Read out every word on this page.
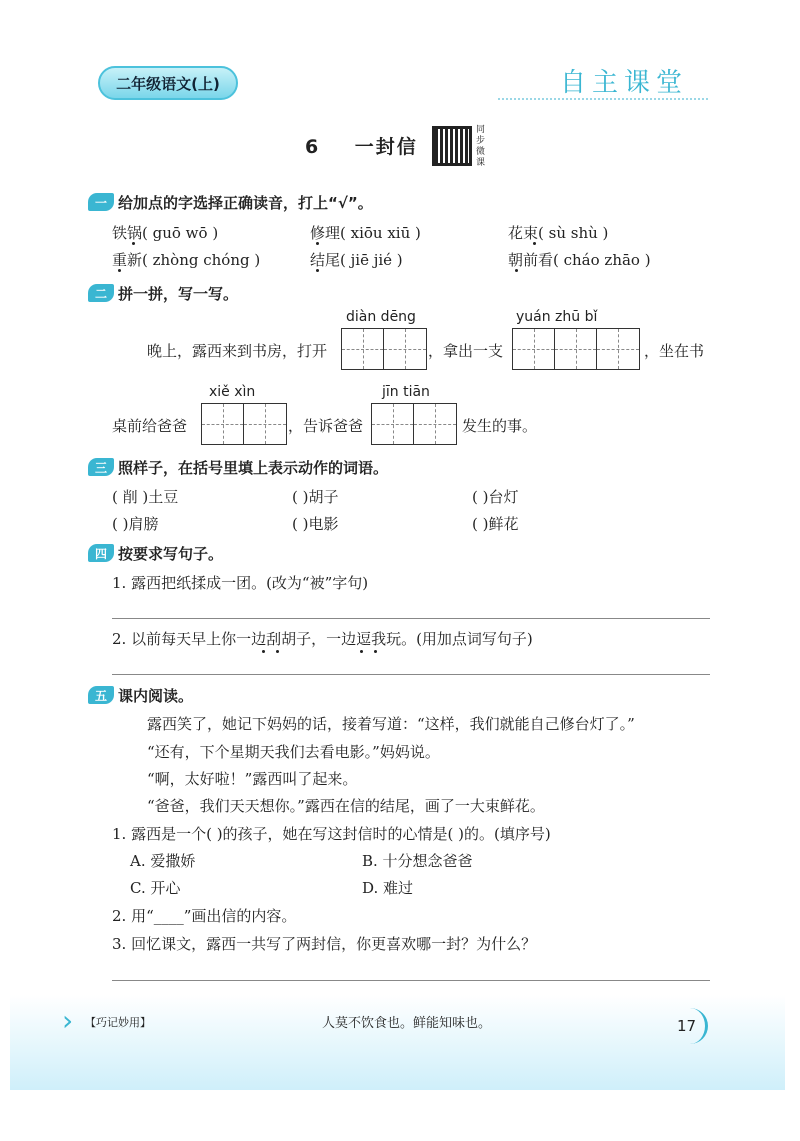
二年级语文(上)	自主课堂
6 一封信
同步微课
一 给加点的字选择正确读音，打上“√”。
铁锅( guō wō )	修理( xiōu xiū )	花束( sù shù )
重新( zhòng chóng )	结尾( jiē jié )	朝前看( cháo zhāo )
二 拼一拼，写一写。
diàn dēng	yuán zhū bǐ
晚上，露西来到书房，打开	，拿出一支	，坐在书
xiě xìn	jīn tiān
桌前给爸爸	，告诉爸爸	发生的事。
三 照样子，在括号里填上表示动作的词语。
( 削 )土豆	( )胡子	( )台灯
( )肩膀	( )电影	( )鲜花
四 按要求写句子。
1. 露西把纸揉成一团。(改为“被”字句)
2. 以前每天早上你一边刮胡子，一边逗我玩。(用加点词写句子)
五 课内阅读。
露西笑了，她记下妈妈的话，接着写道：“这样，我们就能自己修台灯了。”
“还有，下个星期天我们去看电影。”妈妈说。
“啊，太好啦！”露西叫了起来。
“爸爸，我们天天想你。”露西在信的结尾，画了一大束鲜花。
1. 露西是一个( )的孩子，她在写这封信时的心情是( )的。(填序号)
A. 爱撒娇	B. 十分想念爸爸
C. 开心	D. 难过
2. 用“____”画出信的内容。
3. 回忆课文，露西一共写了两封信，你更喜欢哪一封？为什么？
› 【巧记妙用】	人莫不饮食也。鲜能知味也。	17
